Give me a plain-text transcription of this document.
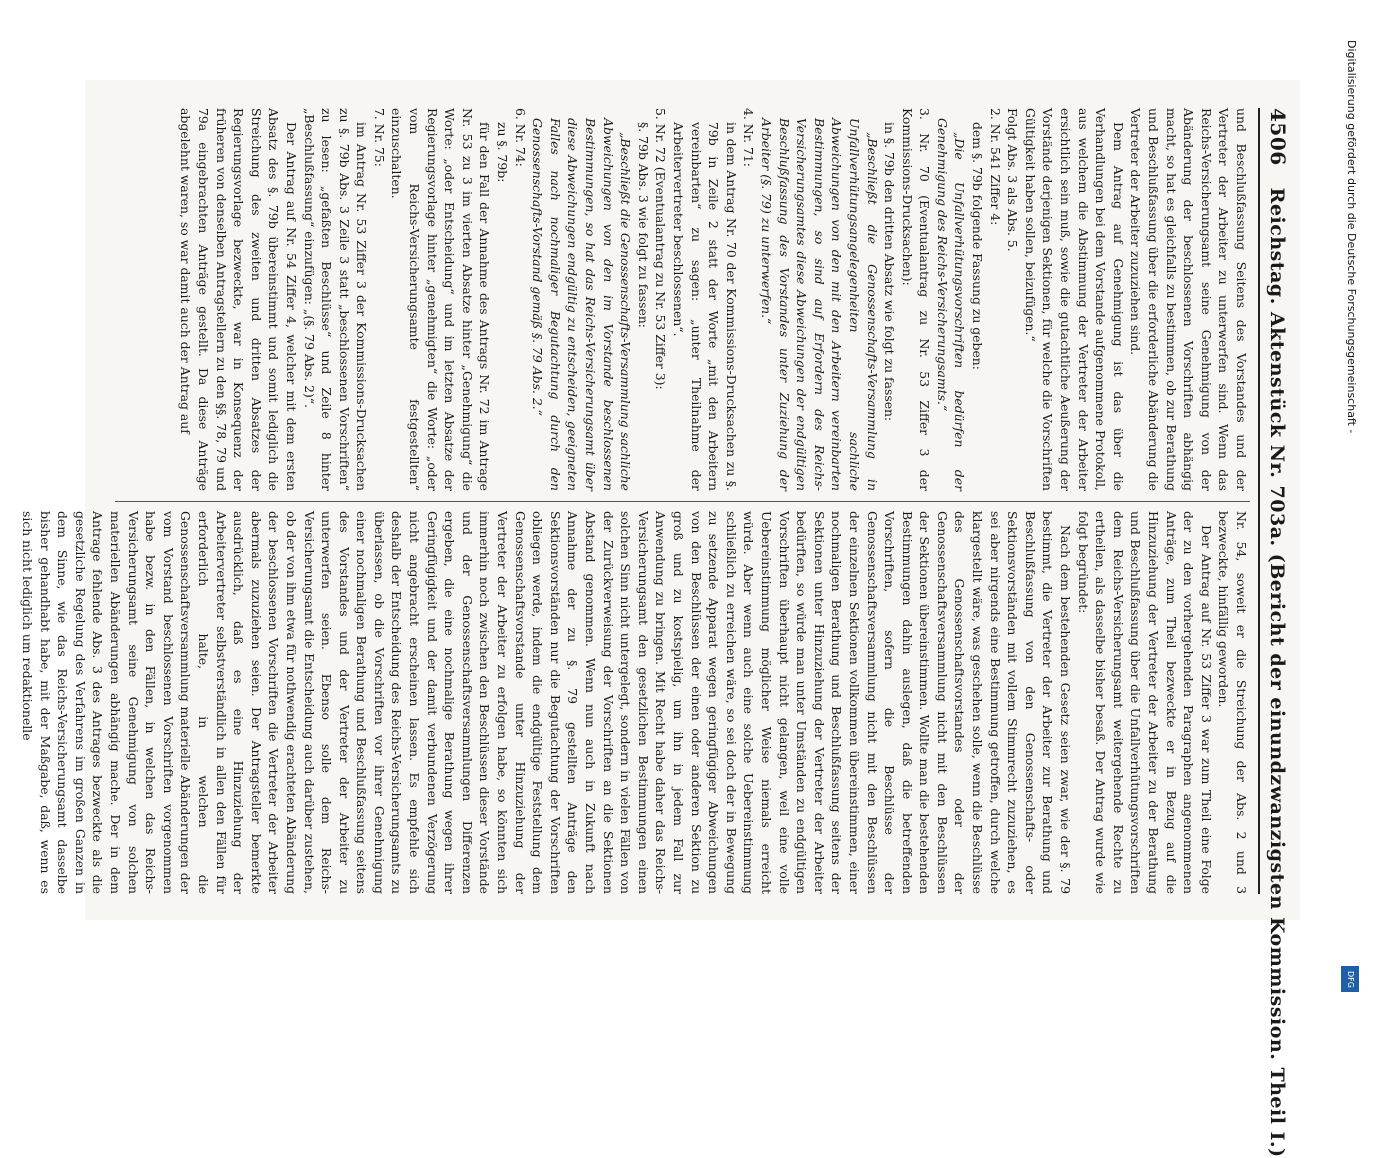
4506
Reichstag. Aktenstück Nr. 703a. (Bericht der einundzwanzigsten Kommission. Theil I.)

und Beschlußfassung Seitens des Vorstandes und der Vertreter der Arbeiter zu unterwerfen sind. Wenn das Reichs-Versicherungsamt seine Genehmigung von der Abänderung der beschlossenen Vorschriften abhängig macht, so hat es gleichfalls zu bestimmen, ob zur Berathung und Beschlußfassung über die erforderliche Abänderung die Vertreter der Arbeiter zuzuziehen sind.

Dem Antrag auf Genehmigung ist das über die Verhandlungen bei dem Vorstande aufgenommene Protokoll, aus welchem die Abstimmung der Vertreter der Arbeiter ersichtlich sein muß, sowie die gutachtliche Aeußerung der Vorstände derjenigen Sektionen, für welche die Vorschriften Gültigkeit haben sollen, beizufügen.“

Folgt Abs. 3 als Abs. 5.

2. Nr. 541 Ziffer 4:

dem §. 79b folgende Fassung zu geben:

„Die Unfallverhütungsvorschriften bedürfen der Genehmigung des Reichs-Versicherungsamts.“

3. Nr. 70 (Eventualantrag zu Nr. 53 Ziffer 3 der Kommissions-Drucksachen):

in §. 79b den dritten Absatz wie folgt zu fassen:

„Beschließt die Genossenschafts-Versammlung in Unfallverhütungsangelegenheiten sachliche Abweichungen von den mit den Arbeitern vereinbarten Bestimmungen, so sind auf Erfordern des Reichs-Versicherungsamtes diese Abweichungen der endgültigen Beschlußfassung des Vorstandes unter Zuziehung der Arbeiter (§. 79) zu unterwerfen.“

4. Nr. 71:

in dem Antrag Nr. 70 der Kommissions-Drucksachen zu §. 79b in Zeile 2 statt der Worte „mit den Arbeitern vereinbarten“ zu sagen: „unter Theilnahme der Arbeitervertreter beschlossenen“.

5. Nr. 72 (Eventualantrag zu Nr. 53 Ziffer 3):

§. 79b Abs. 3 wie folgt zu fassen:

„Beschließt die Genossenschafts-Versammlung sachliche Abweichungen von den im Vorstande beschlossenen Bestimmungen, so hat das Reichs-Versicherungsamt über diese Abweichungen endgültig zu entscheiden, geeigneten Falles nach nochmaliger Begutachtung durch den Genossenschafts-Vorstand gemäß §. 79 Abs. 2.“

6. Nr. 74:

zu §. 79b:

für den Fall der Annahme des Antrags Nr. 72 im Antrage Nr. 53 zu 3 im vierten Absatze hinter „Genehmigung“ die Worte: „oder Entscheidung“ und im letzten Absatze der Regierungsvorlage hinter „genehmigten“ die Worte: „oder vom Reichs-Versicherungsamte festgestellten“ einzuschalten.

7. Nr. 75:

im Antrag Nr. 53 Ziffer 3 der Kommissions-Drucksachen zu §. 79b Abs. 3 Zeile 3 statt „beschlossenen Vorschriften“ zu lesen: „gefaßten Beschlüsse“ und Zeile 8 hinter „Beschlußfassung“ einzufügen: „(§. 79 Abs. 2)“.

Der Antrag auf Nr. 54 Ziffer 4, welcher mit dem ersten Absatz des §. 79b übereinstimmt und somit lediglich die Streichung des zweiten und dritten Absatzes der Regierungsvorlage bezweckte, war in Konsequenz der früheren von denselben Antragstellern zu den §§. 78, 79 und 79a eingebrachten Anträge gestellt. Da diese Anträge abgelehnt waren, so war damit auch der Antrag auf

Nr. 54, soweit er die Streichung der Abs. 2 und 3 bezweckte, hinfällig geworden.

Der Antrag auf Nr. 53 Ziffer 3 war zum Theil eine Folge der zu den vorhergehenden Paragraphen angenommenen Anträge, zum Theil bezweckte er in Bezug auf die Hinzuziehung der Vertreter der Arbeiter zu der Berathung und Beschlußfassung über die Unfallverhütungsvorschriften dem Reichs-Versicherungsamt weitergehende Rechte zu ertheilen, als dasselbe bisher besaß. Der Antrag wurde wie folgt begründet:

Nach dem bestehenden Gesetz seien zwar, wie der §. 79 bestimmt, die Vertreter der Arbeiter zur Berathung und Beschlußfassung von den Genossenschafts- oder Sektionsvorständen mit vollem Stimmrecht zuzuziehen, es sei aber nirgends eine Bestimmung getroffen, durch welche klargestellt wäre, was geschehen solle, wenn die Beschlüsse des Genossenschaftsvorstandes oder der Genossenschaftsversammlung nicht mit den Beschlüssen der Sektionen übereinstimmen. Wollte man die bestehenden Bestimmungen dahin auslegen, daß die betreffenden Vorschriften, sofern die Beschlüsse der Genossenschaftsversammlung nicht mit den Beschlüssen der einzelnen Sektionen vollkommen übereinstimmen, einer nochmaligen Berathung und Beschlußfassung seitens der Sektionen unter Hinzuziehung der Vertreter der Arbeiter bedürften, so würde man unter Umständen zu endgültigen Vorschriften überhaupt nicht gelangen, weil eine volle Uebereinstimmung möglicher Weise niemals erreicht würde. Aber wenn auch eine solche Uebereinstimmung schließlich zu erreichen wäre, so sei doch der in Bewegung zu setzende Apparat wegen geringfügiger Abweichungen von den Beschlüssen der einen oder anderen Sektion zu groß und zu kostspielig, um ihn in jedem Fall zur Anwendung zu bringen. Mit Recht habe daher das Reichs-Versicherungsamt den gesetzlichen Bestimmungen einen solchen Sinn nicht untergelegt, sondern in vielen Fällen von der Zurückverweisung der Vorschriften an die Sektionen Abstand genommen. Wenn nun auch in Zukunft nach Annahme der zu §. 79 gestellten Anträge den Sektionsvorständen nur die Begutachtung der Vorschriften obliegen werde, indem die endgültige Feststellung dem Genossenschaftsvorstande unter Hinzuziehung der Vertreter der Arbeiter zu erfolgen habe, so könnten sich immerhin noch zwischen den Beschlüssen dieser Vorstände und der Genossenschaftsversammlungen Differenzen ergeben, die eine nochmalige Berathung wegen ihrer Geringfügigkeit und der damit verbundenen Verzögerung nicht angebracht erscheinen lassen. Es empfehle sich deshalb der Entscheidung des Reichs-Versicherungsamts zu überlassen, ob die Vorschriften vor ihrer Genehmigung einer nochmaligen Berathung und Beschlußfassung seitens des Vorstandes und der Vertreter der Arbeiter zu unterwerfen seien. Ebenso solle dem Reichs-Versicherungsamt die Entscheidung auch darüber zustehen, ob der von ihm etwa für nothwendig erachteten Abänderung der beschlossenen Vorschriften die Vertreter der Arbeiter abermals zuzuziehen seien. Der Antragsteller bemerkte ausdrücklich, daß es eine Hinzuziehung der Arbeitervertreter selbstverständlich in allen den Fällen für erforderlich halte, in welchen die Genossenschaftsversammlung materielle Abänderungen der vom Vorstand beschlossenen Vorschriften vorgenommen habe bezw. in den Fällen, in welchen das Reichs-Versicherungsamt seine Genehmigung von solchen materiellen Abänderungen abhängig mache. Der in dem Antrage fehlende Abs. 3 des Antrages bezweckte als die gesetzliche Regelung des Verfahrens im großen Ganzen in dem Sinne, wie das Reichs-Versicherungsamt dasselbe bisher gehandhabt habe, mit der Maßgabe, daß, wenn es sich nicht lediglich um redaktionelle

Digitalisierung gefördert durch die Deutsche Forschungsgemeinschaft -
DFG
